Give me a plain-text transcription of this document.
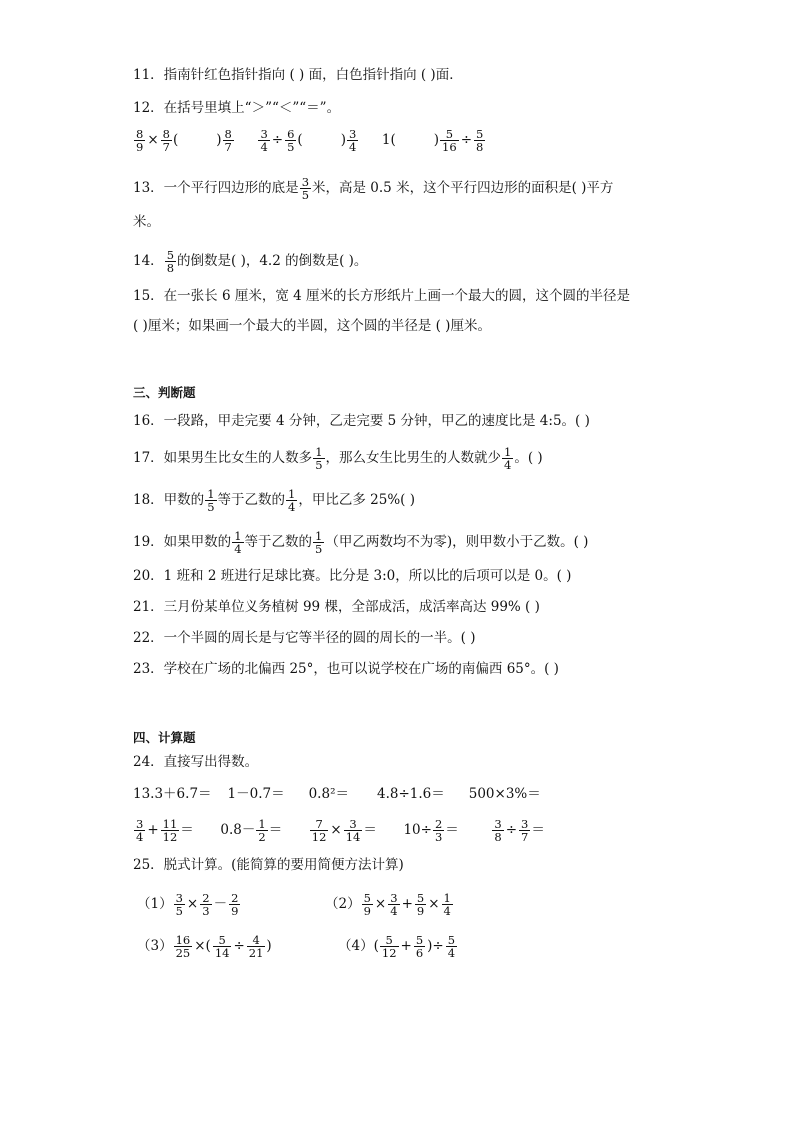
11．指南针红色指针指向 ( ) 面，白色指针指向 ( )面．
12．在括号里填上“＞”“＜”“＝”。
$\frac{8}{9} \times \frac{8}{7}$ (	) $\frac{8}{7}$
$\frac{3}{4} \div \frac{6}{5}$ (	) $\frac{3}{4} 1$(	) $\frac{5}{16} \div \frac{5}{8}$
13．一个平行四边形的底是 $\frac{3}{5}$ 米，高是 0.5 米，这个平行四边形的面积是( )平方
米。
14． $\frac{5}{8}$ 的倒数是( )，4.2 的倒数是( )。
15．在一张长 6 厘米，宽 4 厘米的长方形纸片上画一个最大的圆，这个圆的半径是
( )厘米；如果画一个最大的半圆，这个圆的半径是 ( )厘米。
三、判断题
16．一段路，甲走完要 4 分钟，乙走完要 5 分钟，甲乙的速度比是 4:5。( )
17．如果男生比女生的人数多 $\frac{1}{5}$ ，那么女生比男生的人数就少 $\frac{1}{4}$ 。( )
18．甲数的 $\frac{1}{5}$ 等于乙数的 $\frac{1}{4}$ ，甲比乙多 25%( )
19．如果甲数的 $\frac{1}{4}$ 等于乙数的 $\frac{1}{5}$ （甲乙两数均不为零)，则甲数小于乙数。( )
20．1 班和 2 班进行足球比赛。比分是 3:0，所以比的后项可以是 0。( )
21．三月份某单位义务植树 99 棵，全部成活，成活率高达 99% ( )
22．一个半圆的周长是与它等半径的圆的周长的一半。( )
23．学校在广场的北偏西 25°，也可以说学校在广场的南偏西 65°。( )
四、计算题
24．直接写出得数。
13.3＋6.7＝ 1－0.7＝ 0.8²＝ 4.8÷1.6＝ 500×3%＝
$\frac{3}{4} + \frac{11}{12} = 0.8- \frac{1}{2} = \frac{7}{12} \times \frac{3}{14} = 10\div \frac{2}{3}$ ＝	$\frac{3}{8} \div \frac{3}{7}$ ＝
25．脱式计算。(能简算的要用简便方法计算)
$(1) \frac{3}{5} \times \frac{2}{3} - \frac{2}{9}$	$(2) \frac{5}{9} \times \frac{3}{4} + \frac{5}{9} \times \frac{1}{4}$
$(3) \frac{16}{25}$ ×( $\frac{5}{14} \div \frac{4}{21}$ )	$(4)( \frac{5}{12} + \frac{5}{6}$ )÷ $\frac{5}{4}$
